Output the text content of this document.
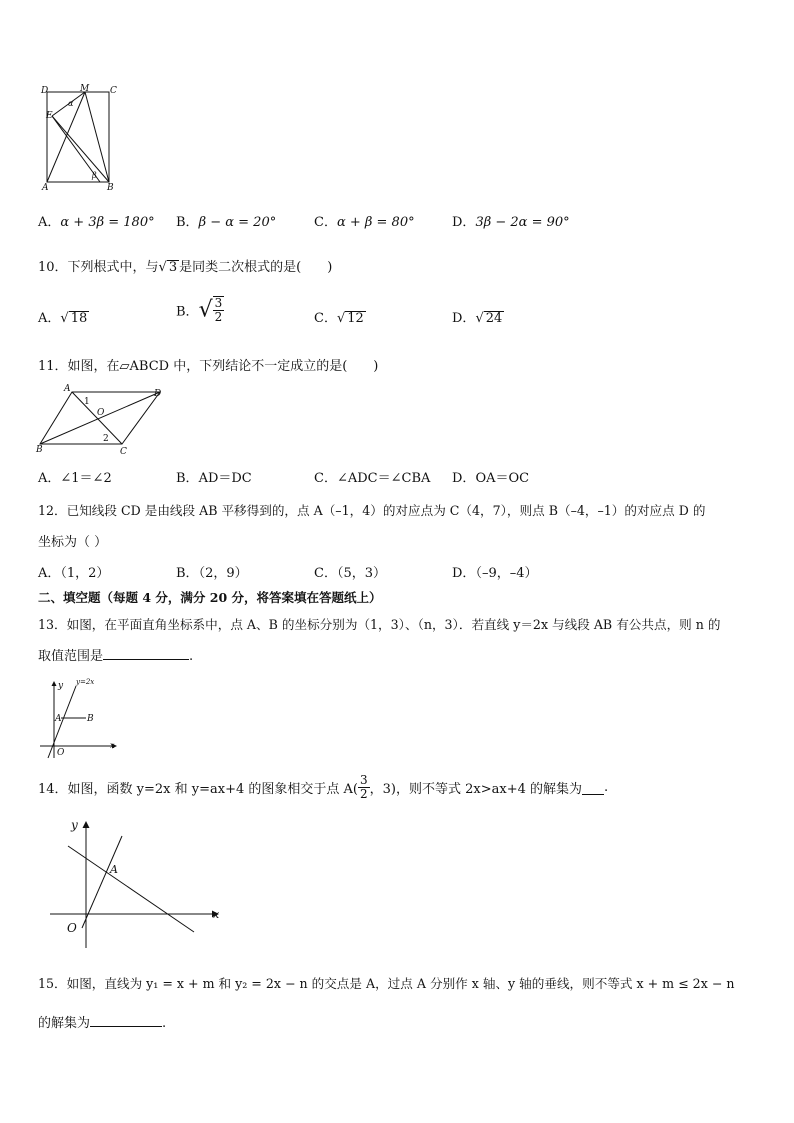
D	M C
E
A	B
α
β
A．α + 3β = 180° B．β − α = 20°	C．α + β = 80°	D．3β − 2α = 90°
10．下列根式中，与√ 3 是同类二次根式的是(　　)
A．√ 18	B．√ $\frac{3}{2}$	C．√ 12	D．√ 24
11．如图，在▱ABCD 中，下列结论不一定成立的是(　　)
A	D
B	C
O
1
2
A．∠1＝∠2	B．AD＝DC	C．∠ADC＝∠CBA D．OA＝OC
12．已知线段 CD 是由线段 AB 平移得到的，点 A（–1，4）的对应点为 C（4，7），则点 B（–4，–1）的对应点 D 的
坐标为（ ）
A．（1，2）	B．（2，9）	C．（5，3）	D．（–9，–4）
二、填空题（每题 4 分，满分 20 分，将答案填在答题纸上）
13．如图，在平面直角坐标系中，点 A、B 的坐标分别为（1，3）、（n，3）．若直线 y＝2x 与线段 AB 有公共点，则 n 的
取值范围是	.
y y=2x
A	B
O
x
14．如图，函数 y=2x 和 y=ax+4 的图象相交于点 $A( \frac{3}{2}$ ，3)，则不等式 2x>ax+4 的解集为 .
y
x
O
A
15．如图，直线为 y₁ = x + m 和 y₂ = 2x − n 的交点是 A，过点 A 分别作 x 轴、y 轴的垂线，则不等式 x + m ≤ 2x − n
的解集为	.
